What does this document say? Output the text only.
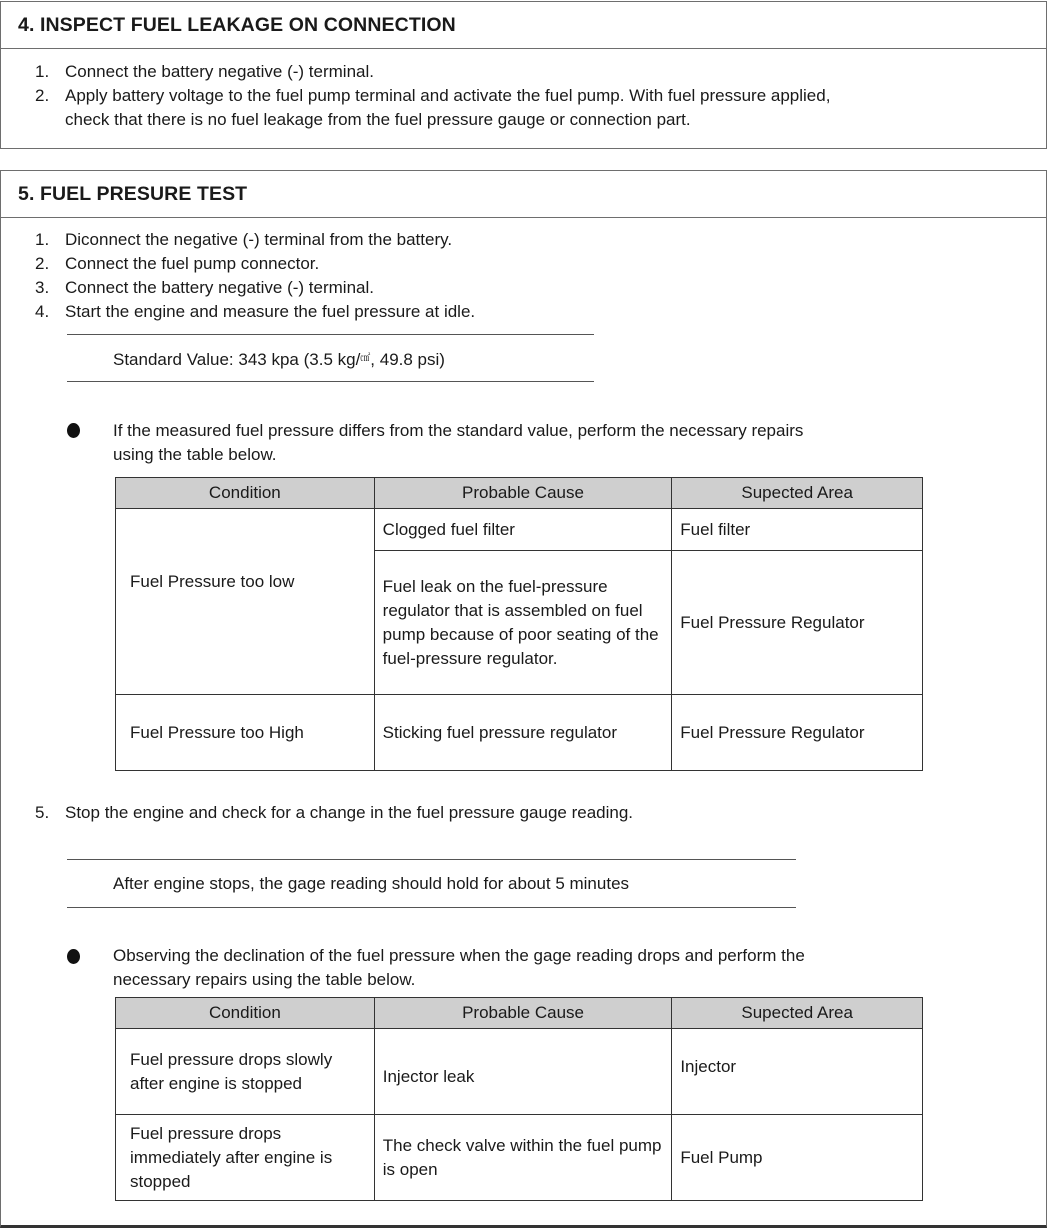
4. INSPECT FUEL LEAKAGE ON CONNECTION
1. Connect the battery negative (-) terminal.
2. Apply battery voltage to the fuel pump terminal and activate the fuel pump. With fuel pressure applied,
check that there is no fuel leakage from the fuel pressure gauge or connection part.
5. FUEL PRESURE TEST
1. Diconnect the negative (-) terminal from the battery.
2. Connect the fuel pump connector.
3. Connect the battery negative (-) terminal.
4. Start the engine and measure the fuel pressure at idle.
Standard Value: 343 kpa (3.5 kg/㎠, 49.8 psi)
If the measured fuel pressure differs from the standard value, perform the necessary repairs
using the table below.
Condition	Probable Cause	Supected Area
Fuel Pressure too low	Clogged fuel filter	Fuel filter
	Fuel leak on the fuel-pressure regulator that is assembled on fuel pump because of poor seating of the fuel-pressure regulator.	Fuel Pressure Regulator
Fuel Pressure too High	Sticking fuel pressure regulator	Fuel Pressure Regulator
5. Stop the engine and check for a change in the fuel pressure gauge reading.
After engine stops, the gage reading should hold for about 5 minutes
Observing the declination of the fuel pressure when the gage reading drops and perform the
necessary repairs using the table below.
Condition	Probable Cause	Supected Area
Fuel pressure drops slowly after engine is stopped	Injector leak	Injector
Fuel pressure drops immediately after engine is stopped	The check valve within the fuel pump is open	Fuel Pump
